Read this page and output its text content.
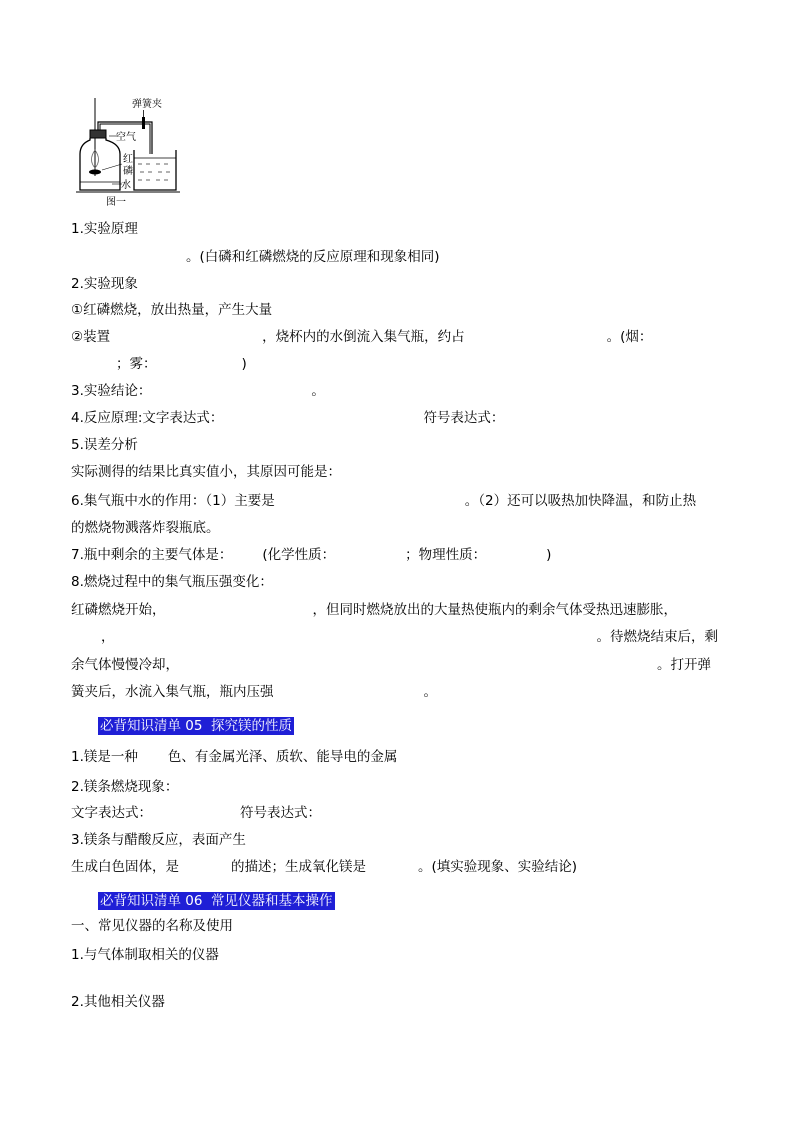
弹簧夹
空气
红
磷
水
图一
1.实验原理
。(白磷和红磷燃烧的反应原理和现象相同)
2.实验现象
①红磷燃烧，放出热量，产生大量
②装置	，烧杯内的水倒流入集气瓶，约占	。(烟：
；雾：	)
3.实验结论：	。
4.反应原理:文字表达式：	符号表达式：
5.误差分析
实际测得的结果比真实值小，其原因可能是：
6.集气瓶中水的作用：（1）主要是	。（2）还可以吸热加快降温，和防止热
的燃烧物溅落炸裂瓶底。
7.瓶中剩余的主要气体是： (化学性质：	；物理性质：	)
8.燃烧过程中的集气瓶压强变化：
红磷燃烧开始，	，但同时燃烧放出的大量热使瓶内的剩余气体受热迅速膨胀，
，	。待燃烧结束后，剩
余气体慢慢冷却，	。打开弹
簧夹后，水流入集气瓶，瓶内压强	。
必背知识清单 05  探究镁的性质
1.镁是一种 色、有金属光泽、质软、能导电的金属
2.镁条燃烧现象：
文字表达式：	符号表达式：
3.镁条与醋酸反应，表面产生
生成白色固体，是	的描述；生成氧化镁是	。(填实验现象、实验结论)
必背知识清单 06  常见仪器和基本操作
一、常见仪器的名称及使用
1.与气体制取相关的仪器
2.其他相关仪器
